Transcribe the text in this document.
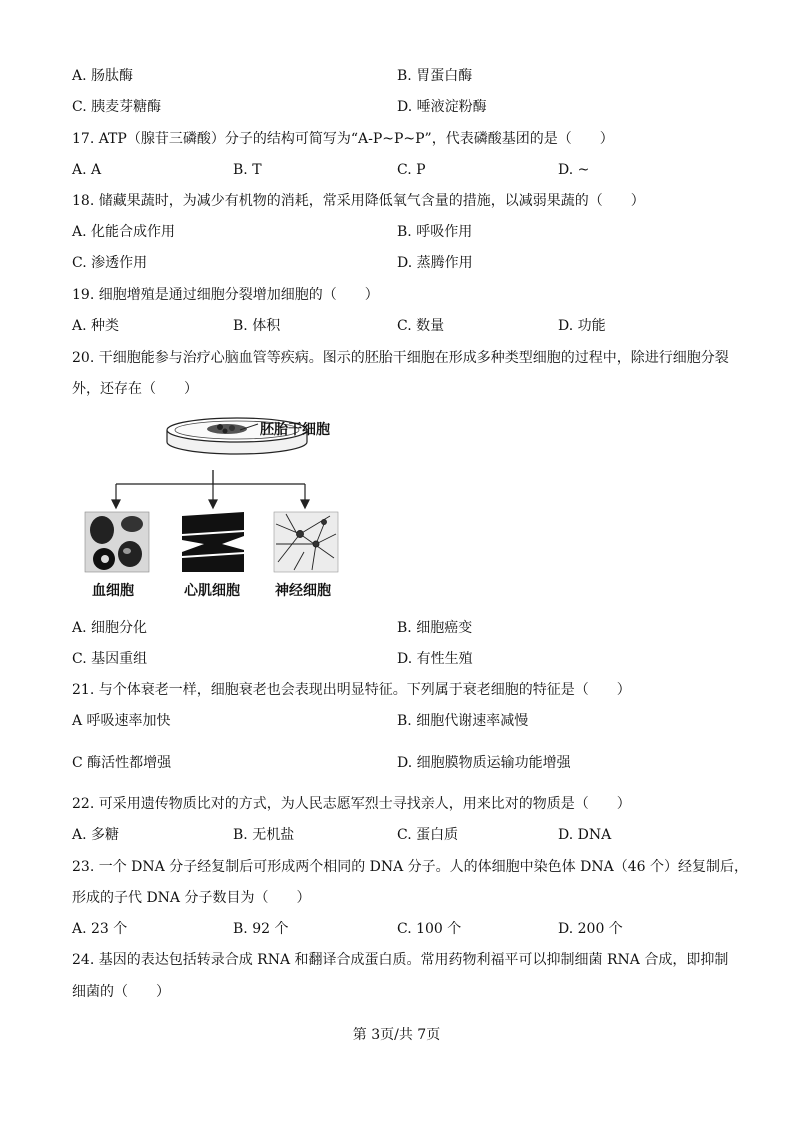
A. 肠肽酶	B. 胃蛋白酶
C. 胰麦芽糖酶	D. 唾液淀粉酶
17. ATP（腺苷三磷酸）分子的结构可简写为“A-P~P~P”，代表磷酸基团的是（　　）
A. A	B. T	C. P	D. ~
18. 储藏果蔬时，为减少有机物的消耗，常采用降低氧气含量的措施，以减弱果蔬的（　　）
A. 化能合成作用	B. 呼吸作用
C. 渗透作用	D. 蒸腾作用
19. 细胞增殖是通过细胞分裂增加细胞的（　　）
A. 种类	B. 体积	C. 数量	D. 功能
20. 干细胞能参与治疗心脑血管等疾病。图示的胚胎干细胞在形成多种类型细胞的过程中，除进行细胞分裂
外，还存在（　　）
胚胎干细胞
血细胞	心肌细胞	神经细胞
A. 细胞分化	B. 细胞癌变
C. 基因重组	D. 有性生殖
21. 与个体衰老一样，细胞衰老也会表现出明显特征。下列属于衰老细胞的特征是（　　）
A 呼吸速率加快	B. 细胞代谢速率减慢
C 酶活性都增强	D. 细胞膜物质运输功能增强
22. 可采用遗传物质比对的方式，为人民志愿军烈士寻找亲人，用来比对的物质是（　　）
A. 多糖	B. 无机盐	C. 蛋白质	D. DNA
23. 一个 DNA 分子经复制后可形成两个相同的 DNA 分子。人的体细胞中染色体 DNA（46 个）经复制后，
形成的子代 DNA 分子数目为（　　）
A. 23 个	B. 92 个	C. 100 个	D. 200 个
24. 基因的表达包括转录合成 RNA 和翻译合成蛋白质。常用药物利福平可以抑制细菌 RNA 合成，即抑制
细菌的（　　）
第 3页/共 7页
